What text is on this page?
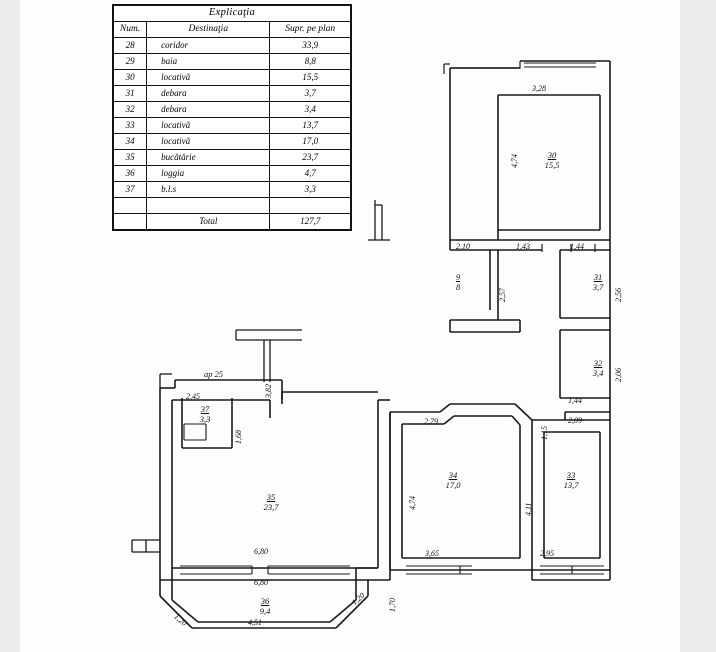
Explicaţia		
Num.	Destinaţia	Supr. pe plan
28	coridor	33,9
29	baia	8,8
30	locativă	15,5
31	debara	3,7
32	debara	3,4
33	locativă	13,7
34	locativă	17,0
35	bucătărie	23,7
36	loggia	4,7
37	b.l.s	3,3

	Total	127,7
30
15,5
31
3,7
32
3,4
33
13,7
34
17,0
35
23,7
36
9,4
37
3,3
9
8
ap 25
3,28
2,10	1,43	1,44
1,44
2,09
2,79
3,65	2,95
6,80
6,80
4,51
2,45
4,74
2,57	2,56
2,06
4,74	4,11
1,15
3,82
1,68
1,70
1,20
1,20
